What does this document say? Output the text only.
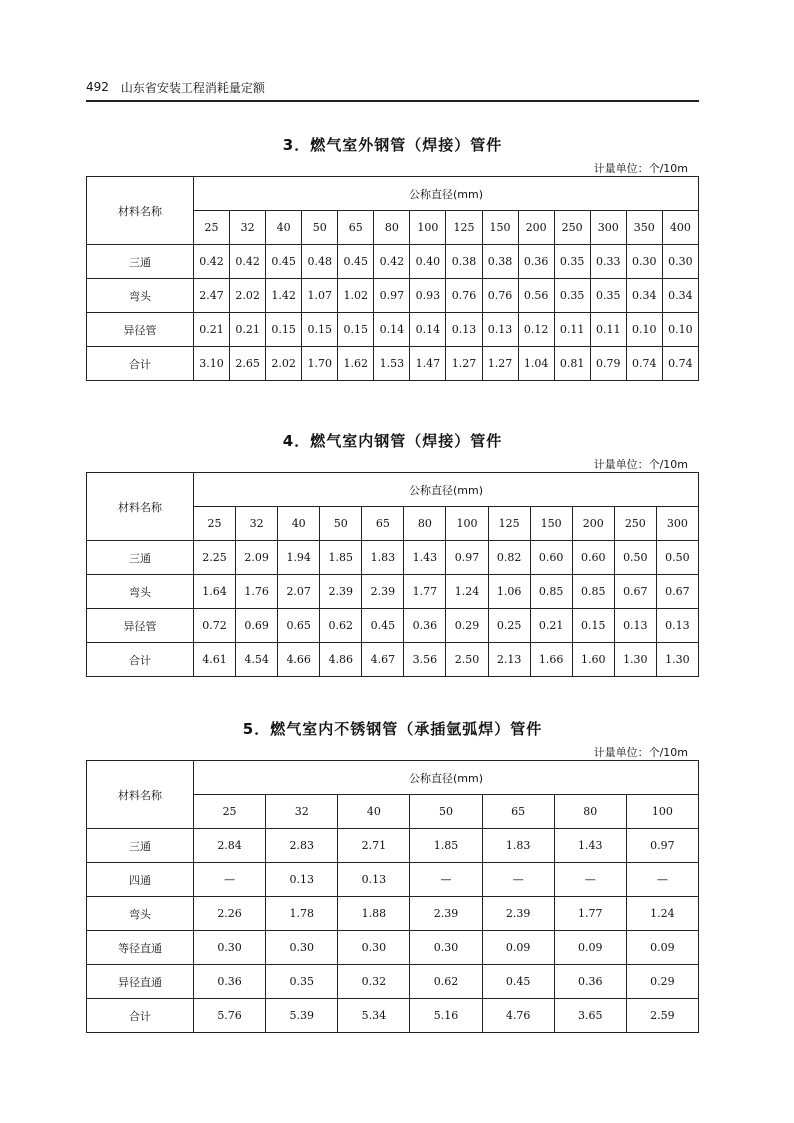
492 山东省安装工程消耗量定额
3．燃气室外钢管（焊接）管件
计量单位：个/10m
材料名称	公称直径(mm)													
	25	32	40	50	65	80	100	125	150	200	250	300	350	400
三通	0.42	0.42	0.45	0.48	0.45	0.42	0.40	0.38	0.38	0.36	0.35	0.33	0.30	0.30
弯头	2.47	2.02	1.42	1.07	1.02	0.97	0.93	0.76	0.76	0.56	0.35	0.35	0.34	0.34
异径管	0.21	0.21	0.15	0.15	0.15	0.14	0.14	0.13	0.13	0.12	0.11	0.11	0.10	0.10
合计	3.10	2.65	2.02	1.70	1.62	1.53	1.47	1.27	1.27	1.04	0.81	0.79	0.74	0.74
4．燃气室内钢管（焊接）管件
计量单位：个/10m
材料名称	公称直径(mm)											
	25	32	40	50	65	80	100	125	150	200	250	300
三通	2.25	2.09	1.94	1.85	1.83	1.43	0.97	0.82	0.60	0.60	0.50	0.50
弯头	1.64	1.76	2.07	2.39	2.39	1.77	1.24	1.06	0.85	0.85	0.67	0.67
异径管	0.72	0.69	0.65	0.62	0.45	0.36	0.29	0.25	0.21	0.15	0.13	0.13
合计	4.61	4.54	4.66	4.86	4.67	3.56	2.50	2.13	1.66	1.60	1.30	1.30
5．燃气室内不锈钢管（承插氩弧焊）管件
计量单位：个/10m
材料名称	公称直径(mm)						
	25	32	40	50	65	80	100
三通	2.84	2.83	2.71	1.85	1.83	1.43	0.97
四通	—	0.13	0.13	—	—	—	—
弯头	2.26	1.78	1.88	2.39	2.39	1.77	1.24
等径直通	0.30	0.30	0.30	0.30	0.09	0.09	0.09
异径直通	0.36	0.35	0.32	0.62	0.45	0.36	0.29
合计	5.76	5.39	5.34	5.16	4.76	3.65	2.59
